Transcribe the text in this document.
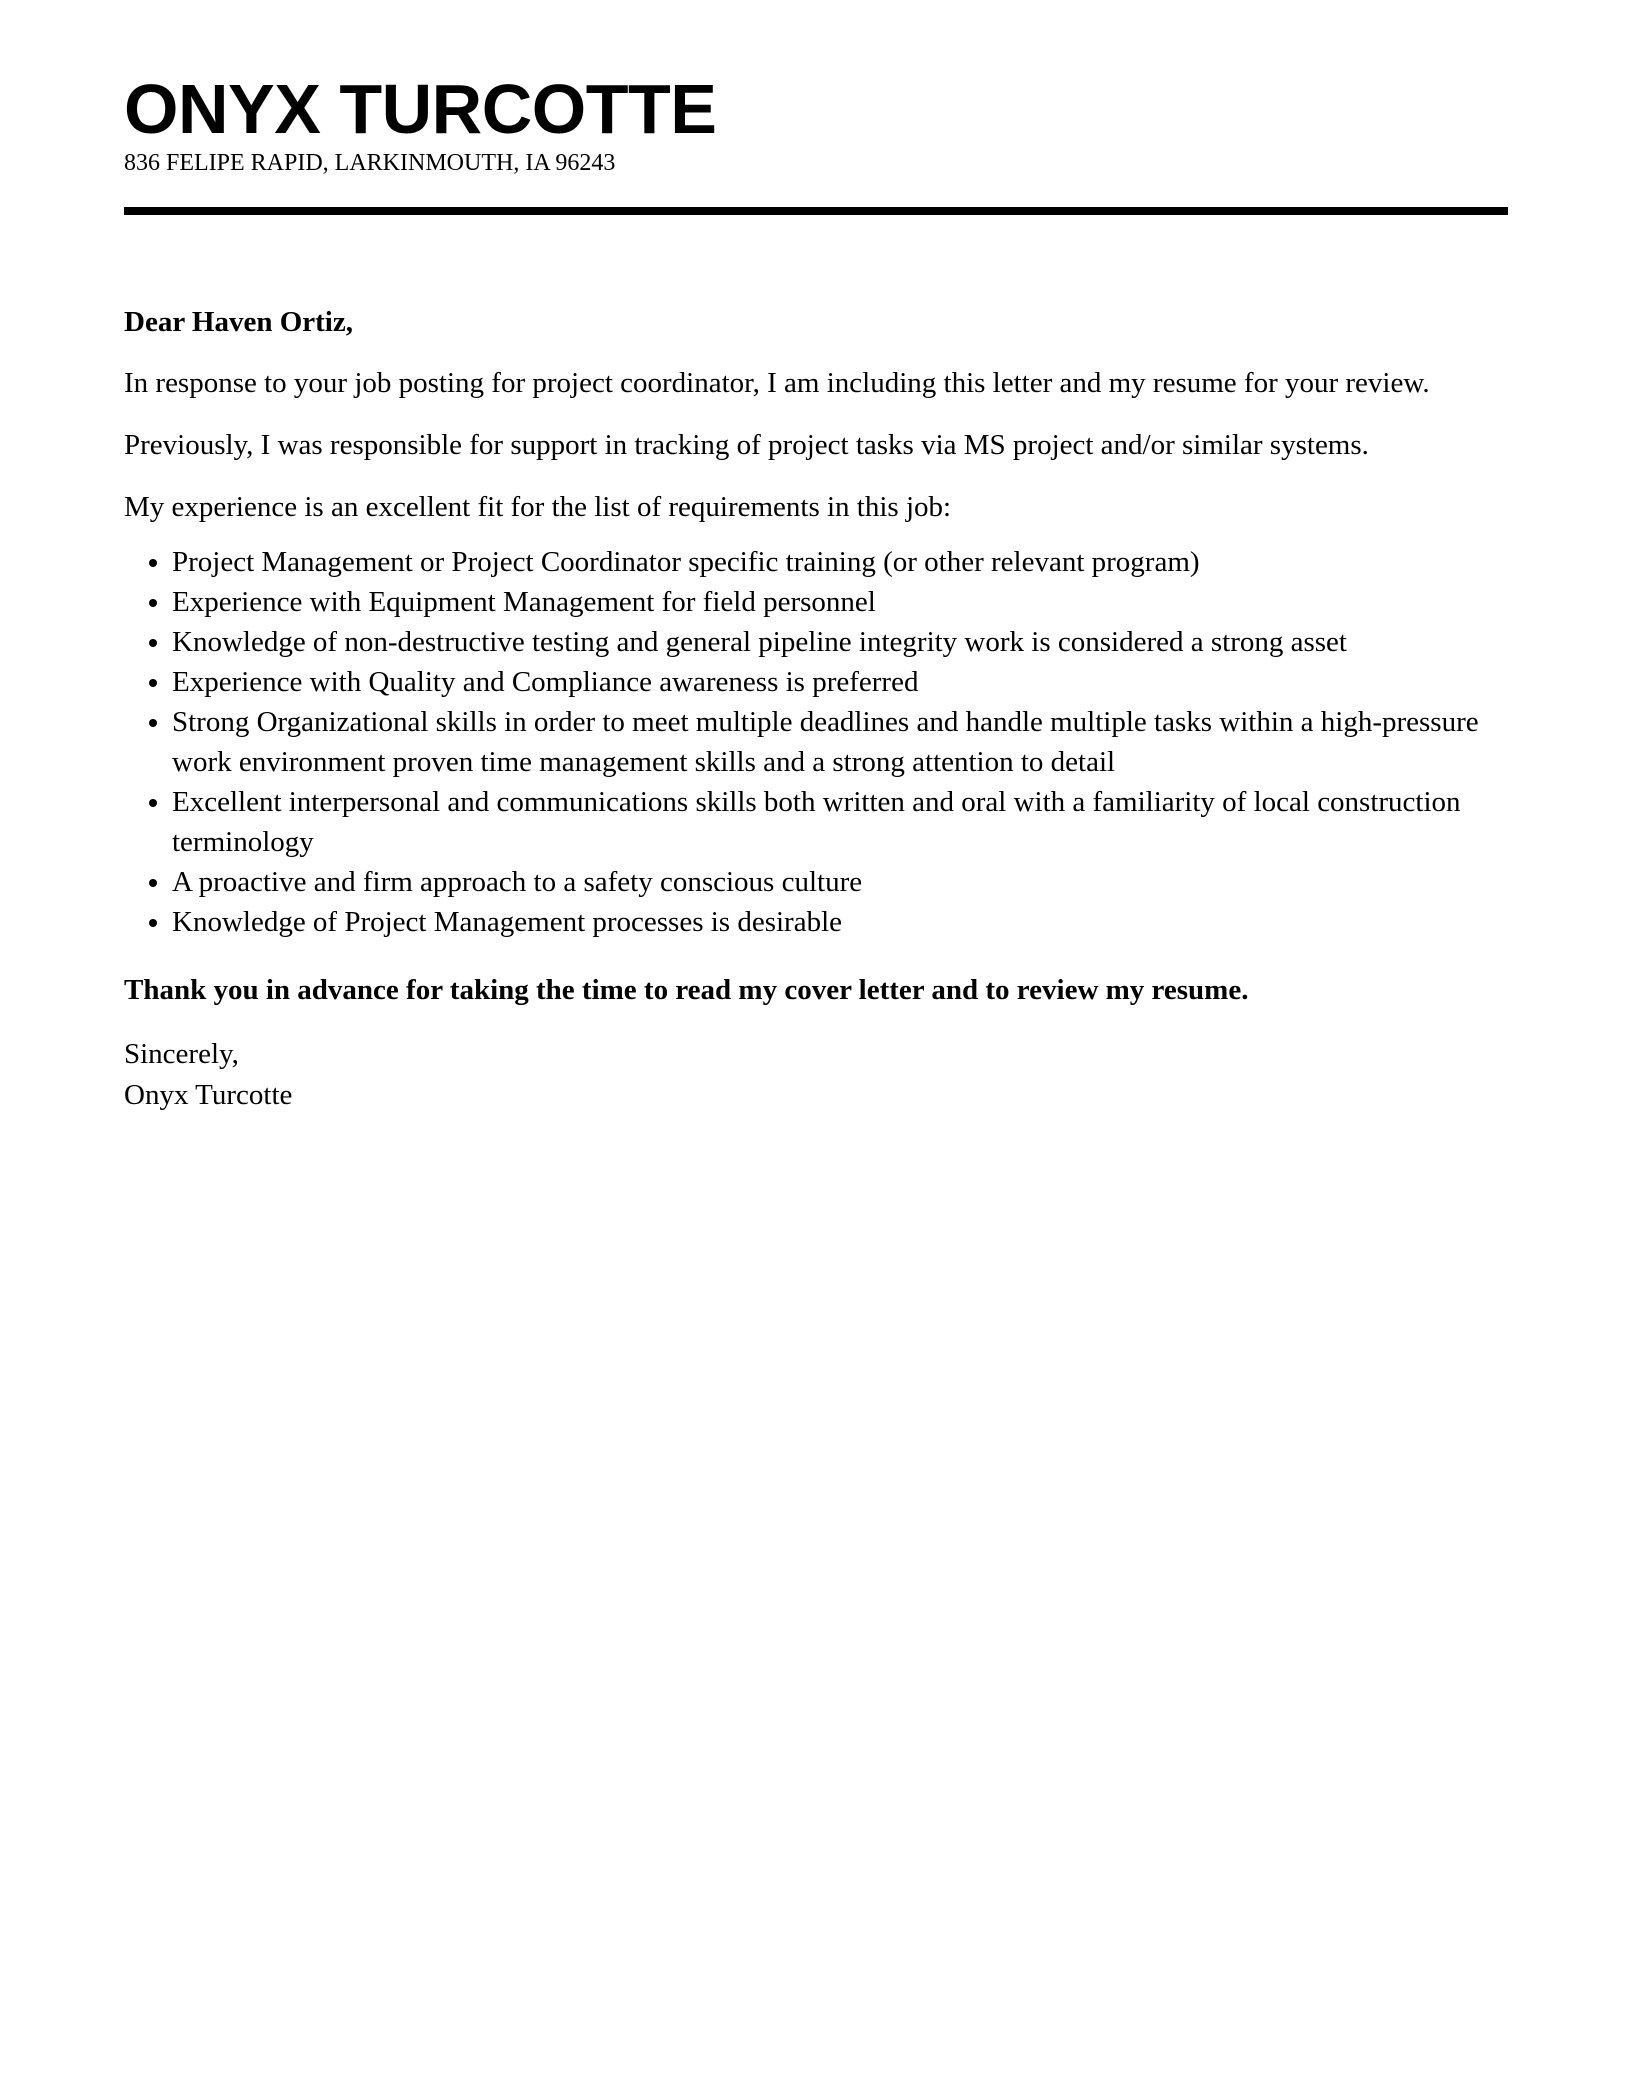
ONYX TURCOTTE
836 FELIPE RAPID, LARKINMOUTH, IA 96243

Dear Haven Ortiz,

In response to your job posting for project coordinator, I am including this letter and my resume for your review.

Previously, I was responsible for support in tracking of project tasks via MS project and/or similar systems.

My experience is an excellent fit for the list of requirements in this job:

• Project Management or Project Coordinator specific training (or other relevant program)
• Experience with Equipment Management for field personnel
• Knowledge of non-destructive testing and general pipeline integrity work is considered a strong asset
• Experience with Quality and Compliance awareness is preferred
• Strong Organizational skills in order to meet multiple deadlines and handle multiple tasks within a high-pressure work environment proven time management skills and a strong attention to detail
• Excellent interpersonal and communications skills both written and oral with a familiarity of local construction terminology
• A proactive and firm approach to a safety conscious culture
• Knowledge of Project Management processes is desirable

Thank you in advance for taking the time to read my cover letter and to review my resume.

Sincerely,

Onyx Turcotte
